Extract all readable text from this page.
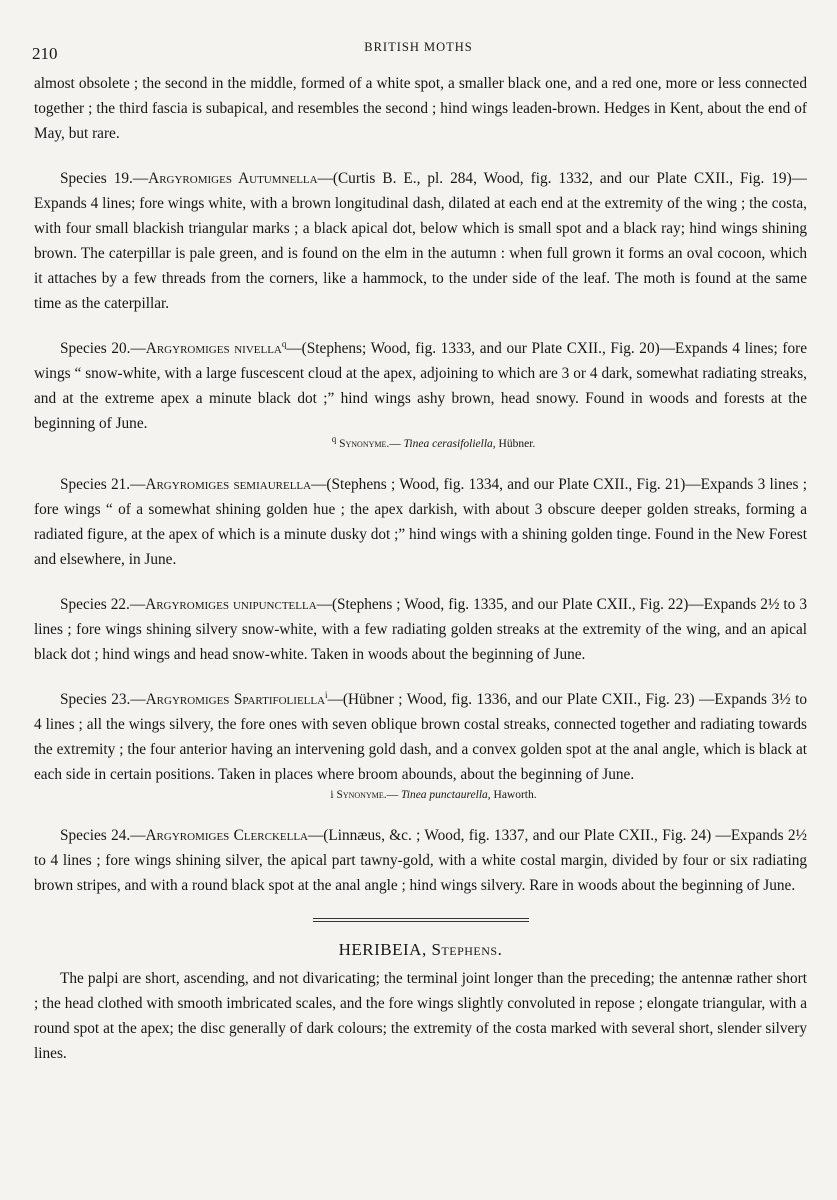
210	BRITISH MOTHS

almost obsolete ; the second in the middle, formed of a white spot, a smaller black one, and a red one, more or less connected together ; the third fascia is subapical, and resembles the second ; hind wings leaden-brown. Hedges in Kent, about the end of May, but rare.

Species 19.—Argyromiges Autumnella—(Curtis B. E., pl. 284, Wood, fig. 1332, and our Plate CXII., Fig. 19)—Expands 4 lines; fore wings white, with a brown longitudinal dash, dilated at each end at the extremity of the wing ; the costa, with four small blackish triangular marks ; a black apical dot, below which is small spot and a black ray; hind wings shining brown. The caterpillar is pale green, and is found on the elm in the autumn : when full grown it forms an oval cocoon, which it attaches by a few threads from the corners, like a hammock, to the under side of the leaf. The moth is found at the same time as the caterpillar.

Species 20.—Argyromiges nivella$^q$—(Stephens; Wood, fig. 1333, and our Plate CXII., Fig. 20)—Expands 4 lines; fore wings “ snow-white, with a large fuscescent cloud at the apex, adjoining to which are 3 or 4 dark, somewhat radiating streaks, and at the extreme apex a minute black dot ;” hind wings ashy brown, head snowy. Found in woods and forests at the beginning of June.

$^q$ Synonyme.— Tinea cerasifoliella, Hübner.

Species 21.—Argyromiges semiaurella—(Stephens ; Wood, fig. 1334, and our Plate CXII., Fig. 21)—Expands 3 lines ; fore wings “ of a somewhat shining golden hue ; the apex darkish, with about 3 obscure deeper golden streaks, forming a radiated figure, at the apex of which is a minute dusky dot ;” hind wings with a shining golden tinge. Found in the New Forest and elsewhere, in June.

Species 22.—Argyromiges unipunctella—(Stephens ; Wood, fig. 1335, and our Plate CXII., Fig. 22)—Expands 2½ to 3 lines ; fore wings shining silvery snow-white, with a few radiating golden streaks at the extremity of the wing, and an apical black dot ; hind wings and head snow-white. Taken in woods about the beginning of June.

Species 23.—Argyromiges Spartifoliella$^i$—(Hübner ; Wood, fig. 1336, and our Plate CXII., Fig. 23) —Expands 3½ to 4 lines ; all the wings silvery, the fore ones with seven oblique brown costal streaks, connected together and radiating towards the extremity ; the four anterior having an intervening gold dash, and a convex golden spot at the anal angle, which is black at each side in certain positions. Taken in places where broom abounds, about the beginning of June.

i Synonyme.— Tinea punctaurella, Haworth.

Species 24.—Argyromiges Clerckella—(Linnæus, &c. ; Wood, fig. 1337, and our Plate CXII., Fig. 24) —Expands 2½ to 4 lines ; fore wings shining silver, the apical part tawny-gold, with a white costal margin, divided by four or six radiating brown stripes, and with a round black spot at the anal angle ; hind wings silvery. Rare in woods about the beginning of June.

HERIBEIA, Stephens.

The palpi are short, ascending, and not divaricating; the terminal joint longer than the preceding; the antennæ rather short ; the head clothed with smooth imbricated scales, and the fore wings slightly convoluted in repose ; elongate triangular, with a round spot at the apex; the disc generally of dark colours; the extremity of the costa marked with several short, slender silvery lines.
